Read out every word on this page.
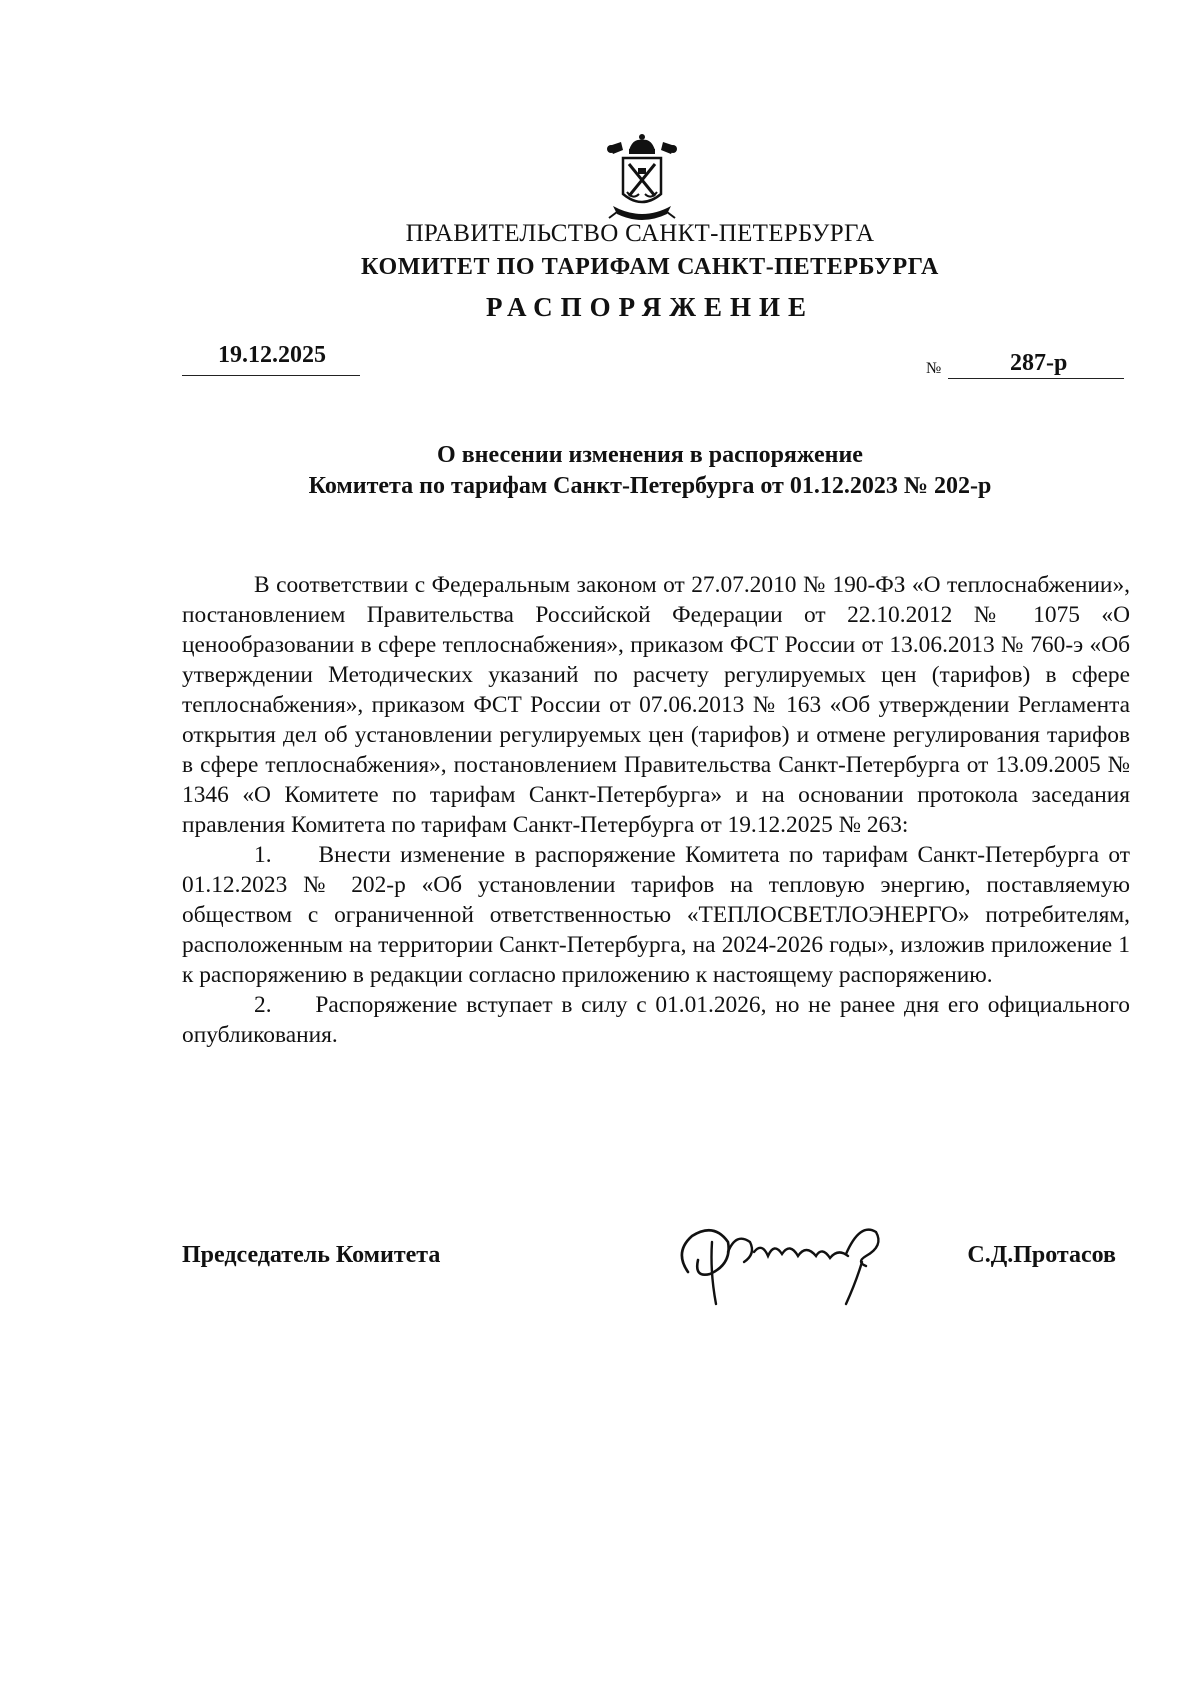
ПРАВИТЕЛЬСТВО САНКТ-ПЕТЕРБУРГА
КОМИТЕТ ПО ТАРИФАМ САНКТ-ПЕТЕРБУРГА
РАСПОРЯЖЕНИЕ
19.12.2025
№	287-р
О внесении изменения в распоряжение
Комитета по тарифам Санкт-Петербурга от 01.12.2023 № 202-р

В соответствии с Федеральным законом от 27.07.2010 № 190-ФЗ «О теплоснабжении», постановлением Правительства Российской Федерации от 22.10.2012 № 1075 «О ценообразовании в сфере теплоснабжения», приказом ФСТ России от 13.06.2013 № 760-э «Об утверждении Методических указаний по расчету регулируемых цен (тарифов) в сфере теплоснабжения», приказом ФСТ России от 07.06.2013 № 163 «Об утверждении Регламента открытия дел об установлении регулируемых цен (тарифов) и отмене регулирования тарифов в сфере теплоснабжения», постановлением Правительства Санкт-Петербурга от 13.09.2005 № 1346 «О Комитете по тарифам Санкт-Петербурга» и на основании протокола заседания правления Комитета по тарифам Санкт-Петербурга от 19.12.2025 № 263:

1.     Внести изменение в распоряжение Комитета по тарифам Санкт-Петербурга от 01.12.2023 № 202-р «Об установлении тарифов на тепловую энергию, поставляемую обществом с ограниченной ответственностью «ТЕПЛОСВЕТЛОЭНЕРГО» потребителям, расположенным на территории Санкт-Петербурга, на 2024-2026 годы», изложив приложение 1 к распоряжению в редакции согласно приложению к настоящему распоряжению.

2.     Распоряжение вступает в силу с 01.01.2026, но не ранее дня его официального опубликования.

Председатель Комитета	С.Д.Протасов
